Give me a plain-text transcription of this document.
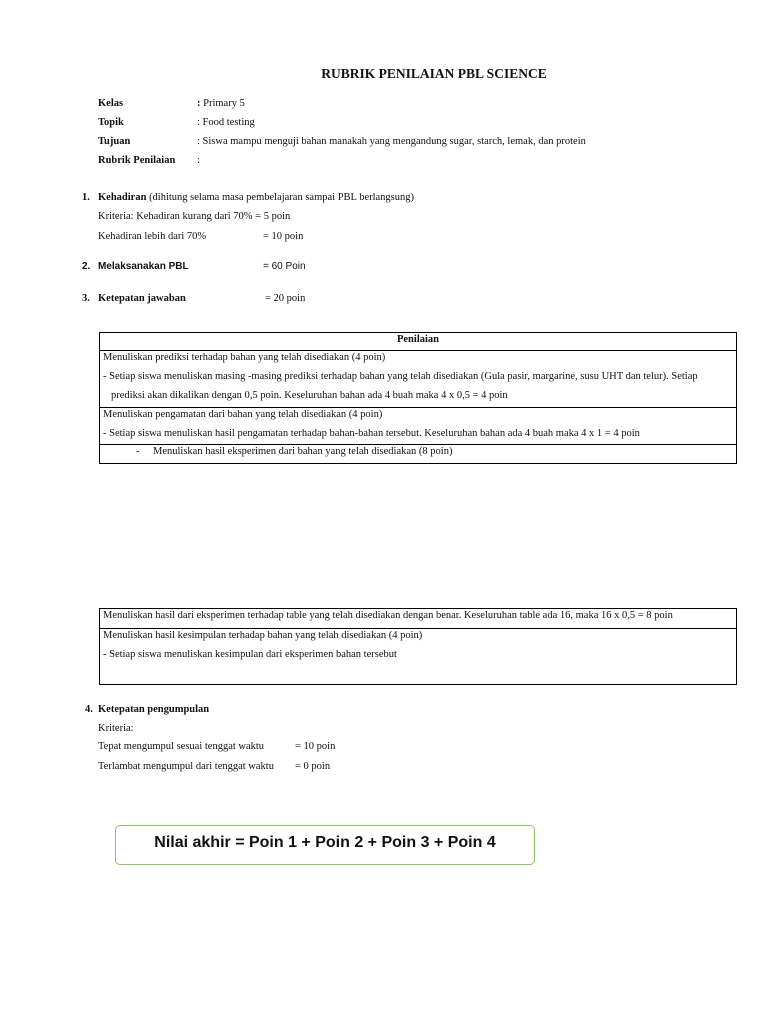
RUBRIK PENILAIAN PBL SCIENCE
Kelas	: Primary 5
Topik	: Food testing
Tujuan	: Siswa mampu menguji bahan manakah yang mengandung sugar, starch, lemak, dan protein
Rubrik Penilaian :
1. Kehadiran (dihitung selama masa pembelajaran sampai PBL berlangsung)
Kriteria: Kehadiran kurang dari 70% = 5 poin
Kehadiran lebih dari 70%	= 10 poin
2. Melaksanakan PBL	= 60 Poin
3. Ketepatan jawaban	= 20 poin
Penilaian
Menuliskan prediksi terhadap bahan yang telah disediakan (4 poin)
- Setiap siswa menuliskan masing -masing prediksi terhadap bahan yang telah disediakan (Gula pasir, margarine, susu UHT dan telur). Setiap
prediksi akan dikalikan dengan 0,5 poin. Keseluruhan bahan ada 4 buah maka 4 x 0,5 = 4 poin
Menuliskan pengamatan dari bahan yang telah disediakan (4 poin)
- Setiap siswa menuliskan hasil pengamatan terhadap bahan-bahan tersebut. Keseluruhan bahan ada 4 buah maka 4 x 1 = 4 poin
- Menuliskan hasil eksperimen dari bahan yang telah disediakan (8 poin)
Menuliskan hasil dari eksperimen terhadap table yang telah disediakan dengan benar. Keseluruhan table ada 16, maka 16 x 0,5 = 8 poin
Menuliskan hasil kesimpulan terhadap bahan yang telah disediakan (4 poin)
- Setiap siswa menuliskan kesimpulan dari eksperimen bahan tersebut
4. Ketepatan pengumpulan
Kriteria:
Tepat mengumpul sesuai tenggat waktu	= 10 poin
Terlambat mengumpul dari tenggat waktu = 0 poin
Nilai akhir = Poin 1 + Poin 2 + Poin 3 + Poin 4
